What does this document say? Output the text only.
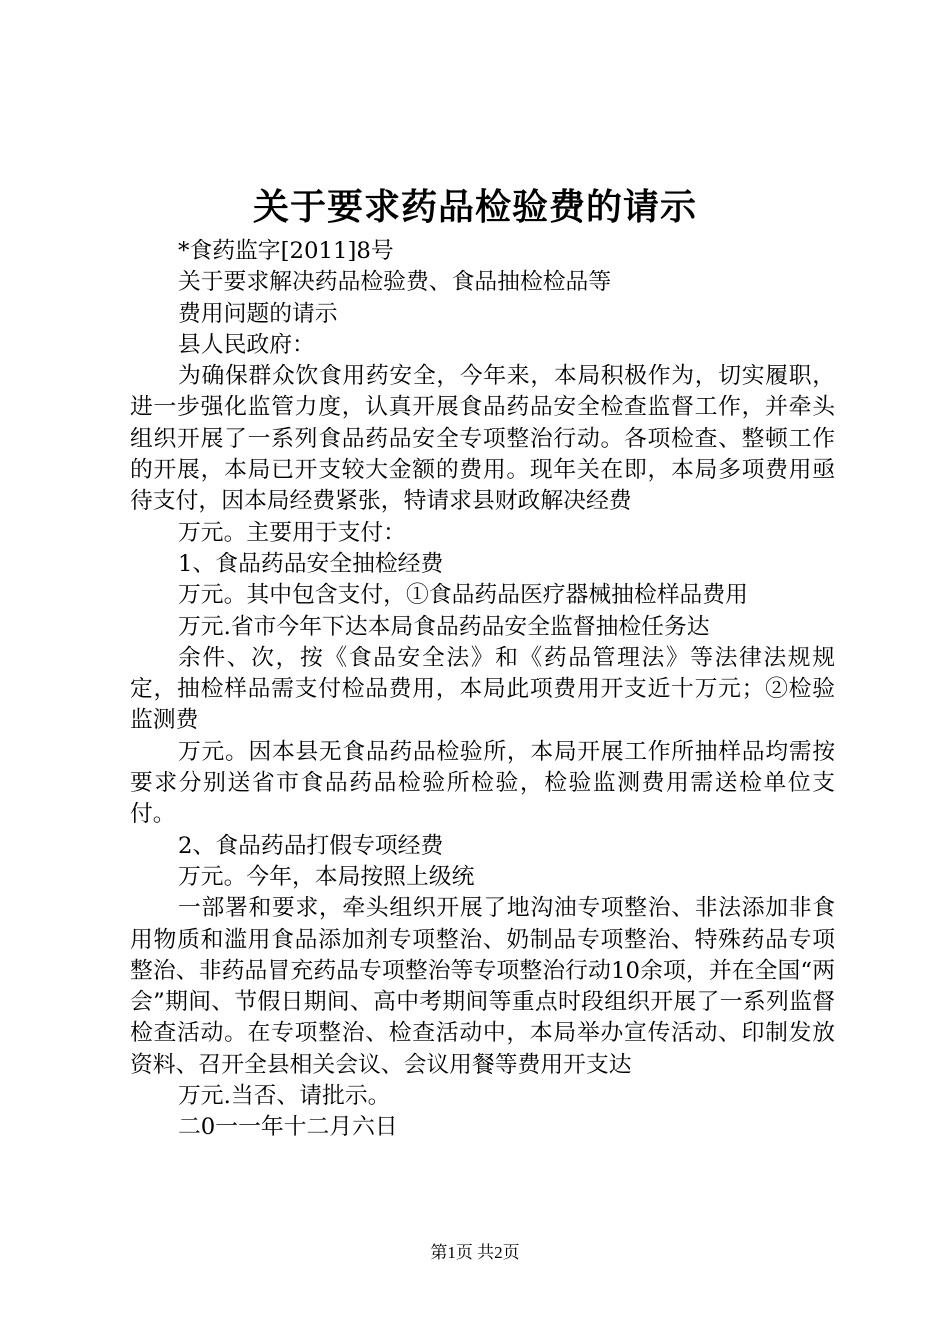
关于要求药品检验费的请示

*食药监字[2011]8号

关于要求解决药品检验费、食品抽检检品等

费用问题的请示

县人民政府：

为确保群众饮食用药安全，今年来，本局积极作为，切实履职，进一步强化监管力度，认真开展食品药品安全检查监督工作，并牵头组织开展了一系列食品药品安全专项整治行动。各项检查、整顿工作的开展，本局已开支较大金额的费用。现年关在即，本局多项费用亟待支付，因本局经费紧张，特请求县财政解决经费

万元。主要用于支付：

1、食品药品安全抽检经费

万元。其中包含支付，①食品药品医疗器械抽检样品费用

万元.省市今年下达本局食品药品安全监督抽检任务达

余件、次，按《食品安全法》和《药品管理法》等法律法规规定，抽检样品需支付检品费用，本局此项费用开支近十万元；②检验监测费

万元。因本县无食品药品检验所，本局开展工作所抽样品均需按要求分别送省市食品药品检验所检验，检验监测费用需送检单位支付。

2、食品药品打假专项经费

万元。今年，本局按照上级统

一部署和要求，牵头组织开展了地沟油专项整治、非法添加非食用物质和滥用食品添加剂专项整治、奶制品专项整治、特殊药品专项整治、非药品冒充药品专项整治等专项整治行动10余项，并在全国“两会”期间、节假日期间、高中考期间等重点时段组织开展了一系列监督检查活动。在专项整治、检查活动中，本局举办宣传活动、印制发放资料、召开全县相关会议、会议用餐等费用开支达

万元.当否、请批示。

二0一一年十二月六日

第1页 共2页
